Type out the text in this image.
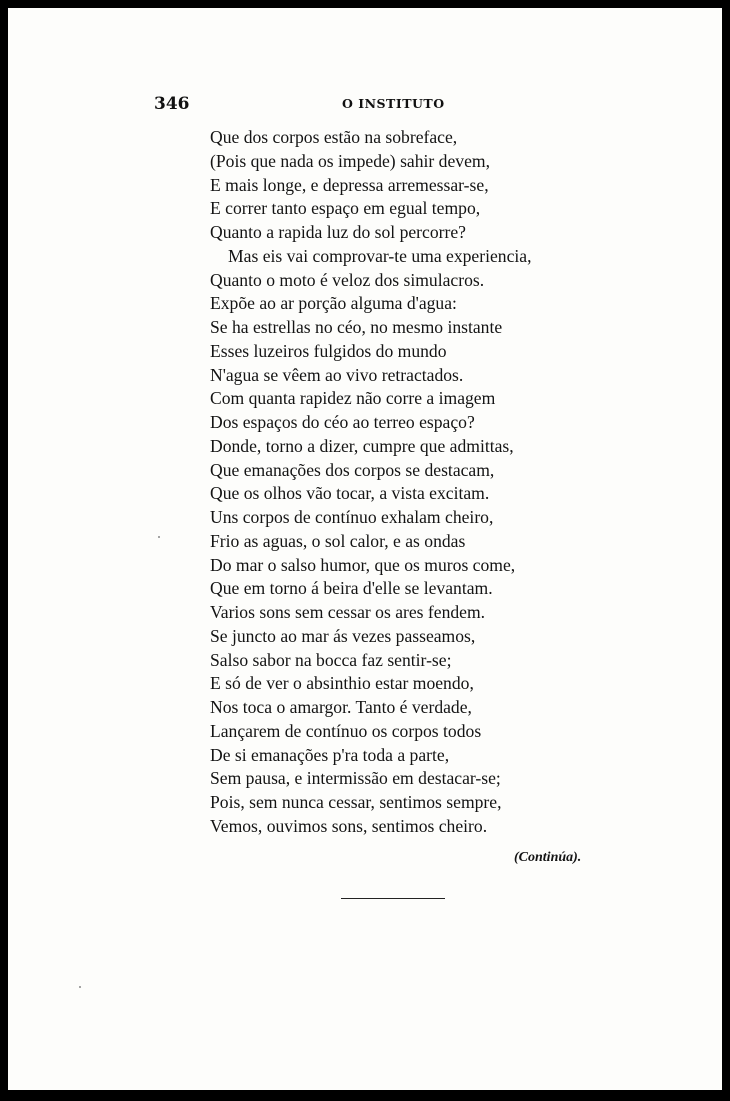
346	O INSTITUTO
Que dos corpos estão na sobreface,
(Pois que nada os impede) sahir devem,
E mais longe, e depressa arremessar-se,
E correr tanto espaço em egual tempo,
Quanto a rapida luz do sol percorre?
Mas eis vai comprovar-te uma experiencia,
Quanto o moto é veloz dos simulacros.
Expõe ao ar porção alguma d'agua:
Se ha estrellas no céo, no mesmo instante
Esses luzeiros fulgidos do mundo
N'agua se vêem ao vivo retractados.
Com quanta rapidez não corre a imagem
Dos espaços do céo ao terreo espaço?
Donde, torno a dizer, cumpre que admittas,
Que emanações dos corpos se destacam,
Que os olhos vão tocar, a vista excitam.
Uns corpos de contínuo exhalam cheiro,
Frio as aguas, o sol calor, e as ondas
Do mar o salso humor, que os muros come,
Que em torno á beira d'elle se levantam.
Varios sons sem cessar os ares fendem.
Se juncto ao mar ás vezes passeamos,
Salso sabor na bocca faz sentir-se;
E só de ver o absinthio estar moendo,
Nos toca o amargor. Tanto é verdade,
Lançarem de contínuo os corpos todos
De si emanações p'ra toda a parte,
Sem pausa, e intermissão em destacar-se;
Pois, sem nunca cessar, sentimos sempre,
Vemos, ouvimos sons, sentimos cheiro.
(Continúa).
